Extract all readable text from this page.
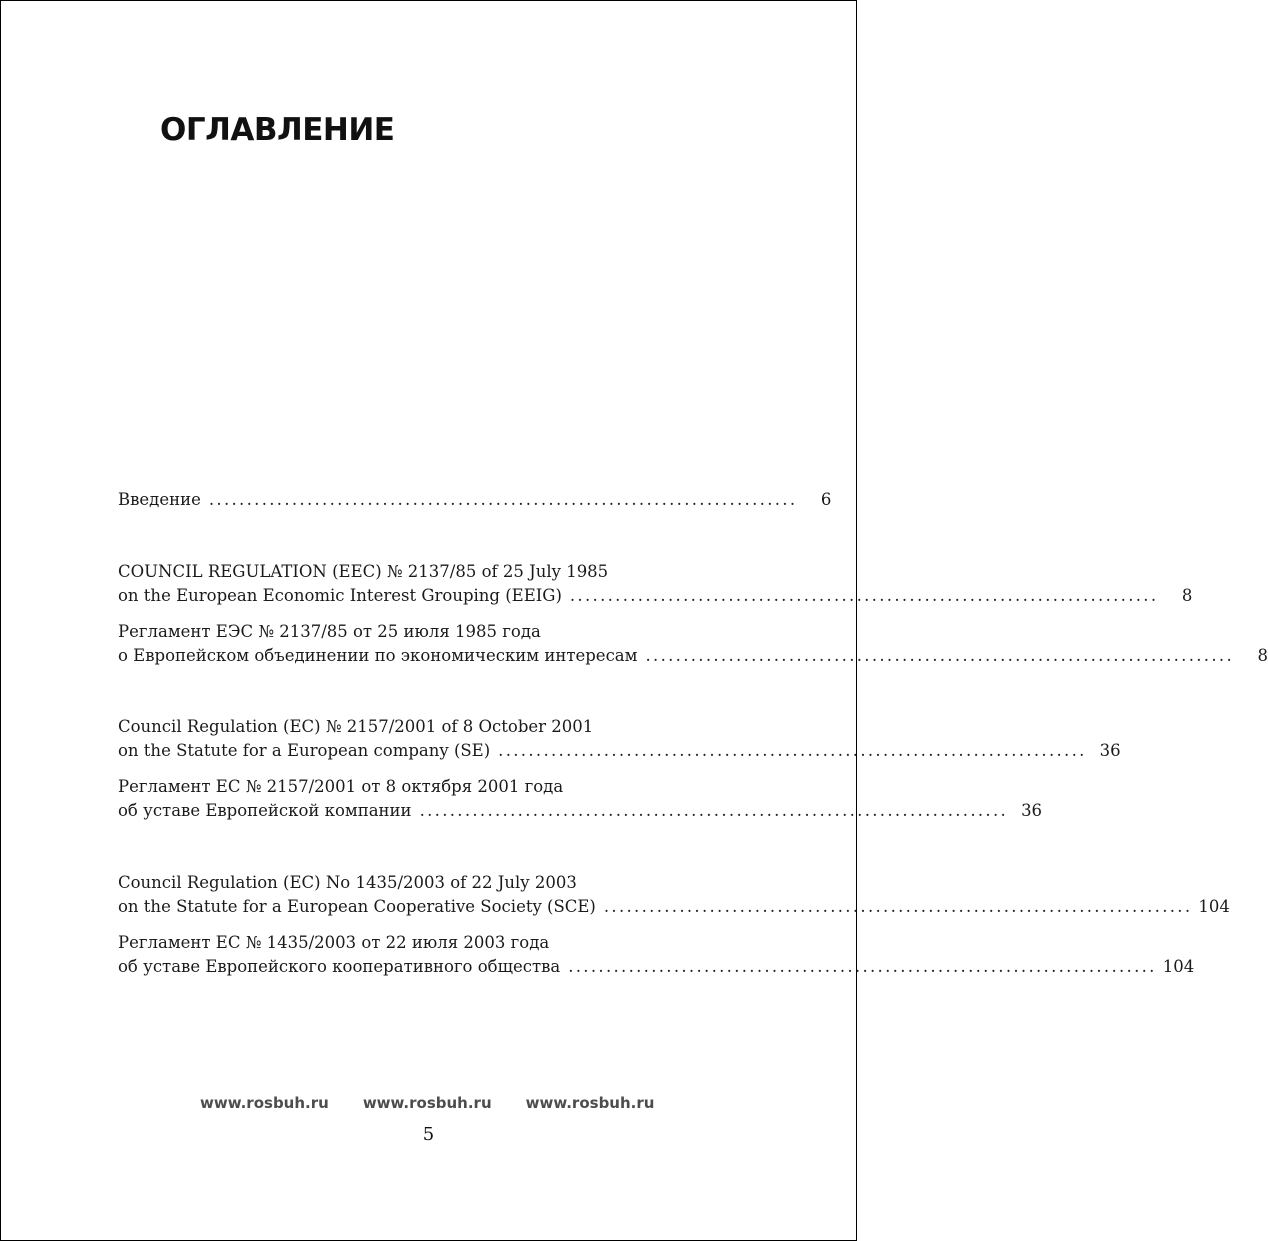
ОГЛАВЛЕНИЕ
Введение ..............................................................................	6
COUNCIL REGULATION (EEC) № 2137/85 of 25 July 1985
on the European Economic Interest Grouping (EEIG) ..............................................................................	8
Регламент ЕЭС № 2137/85 от 25 июля 1985 года
о Европейском объединении по экономическим интересам ..............................................................................	8
Council Regulation (EC) № 2157/2001 of 8 October 2001
on the Statute for a European company (SE) .............................................................................. 36
Регламент ЕС № 2157/2001 от 8 октября 2001 года
об уставе Европейской компании .............................................................................. 36
Council Regulation (EC) No 1435/2003 of 22 July 2003
on the Statute for a European Cooperative Society (SCE) .............................................................................. 104
Регламент ЕС № 1435/2003 от 22 июля 2003 года
об уставе Европейского кооперативного общества .............................................................................. 104
www.rosbuh.ru www.rosbuh.ru www.rosbuh.ru
5
